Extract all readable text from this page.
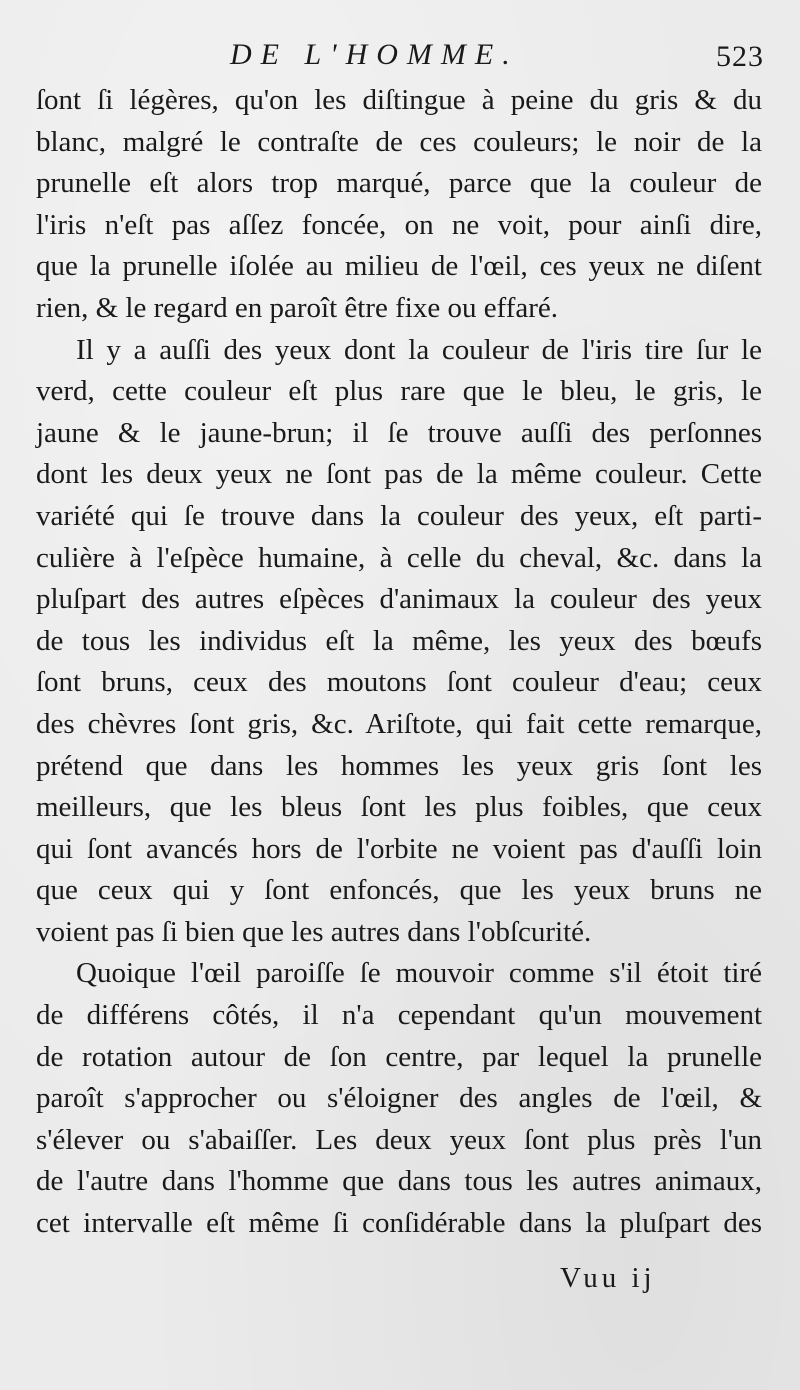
DE L'HOMME.	523
ſont ſi légères, qu'on les diſtingue à peine du gris & du
blanc, malgré le contraſte de ces couleurs; le noir de la
prunelle eſt alors trop marqué, parce que la couleur de
l'iris n'eſt pas aſſez foncée, on ne voit, pour ainſi dire,
que la prunelle iſolée au milieu de l'œil, ces yeux ne diſent
rien, & le regard en paroît être fixe ou effaré.
Il y a auſſi des yeux dont la couleur de l'iris tire ſur le
verd, cette couleur eſt plus rare que le bleu, le gris, le
jaune & le jaune-brun; il ſe trouve auſſi des perſonnes
dont les deux yeux ne ſont pas de la même couleur. Cette
variété qui ſe trouve dans la couleur des yeux, eſt parti-
culière à l'eſpèce humaine, à celle du cheval, &c. dans la
pluſpart des autres eſpèces d'animaux la couleur des yeux
de tous les individus eſt la même, les yeux des bœufs
ſont bruns, ceux des moutons ſont couleur d'eau; ceux
des chèvres ſont gris, &c. Ariſtote, qui fait cette remarque,
prétend que dans les hommes les yeux gris ſont les
meilleurs, que les bleus ſont les plus foibles, que ceux
qui ſont avancés hors de l'orbite ne voient pas d'auſſi loin
que ceux qui y ſont enfoncés, que les yeux bruns ne
voient pas ſi bien que les autres dans l'obſcurité.
Quoique l'œil paroiſſe ſe mouvoir comme s'il étoit tiré
de différens côtés, il n'a cependant qu'un mouvement
de rotation autour de ſon centre, par lequel la prunelle
paroît s'approcher ou s'éloigner des angles de l'œil, &
s'élever ou s'abaiſſer. Les deux yeux ſont plus près l'un
de l'autre dans l'homme que dans tous les autres animaux,
cet intervalle eſt même ſi conſidérable dans la pluſpart des
Vuu ij
